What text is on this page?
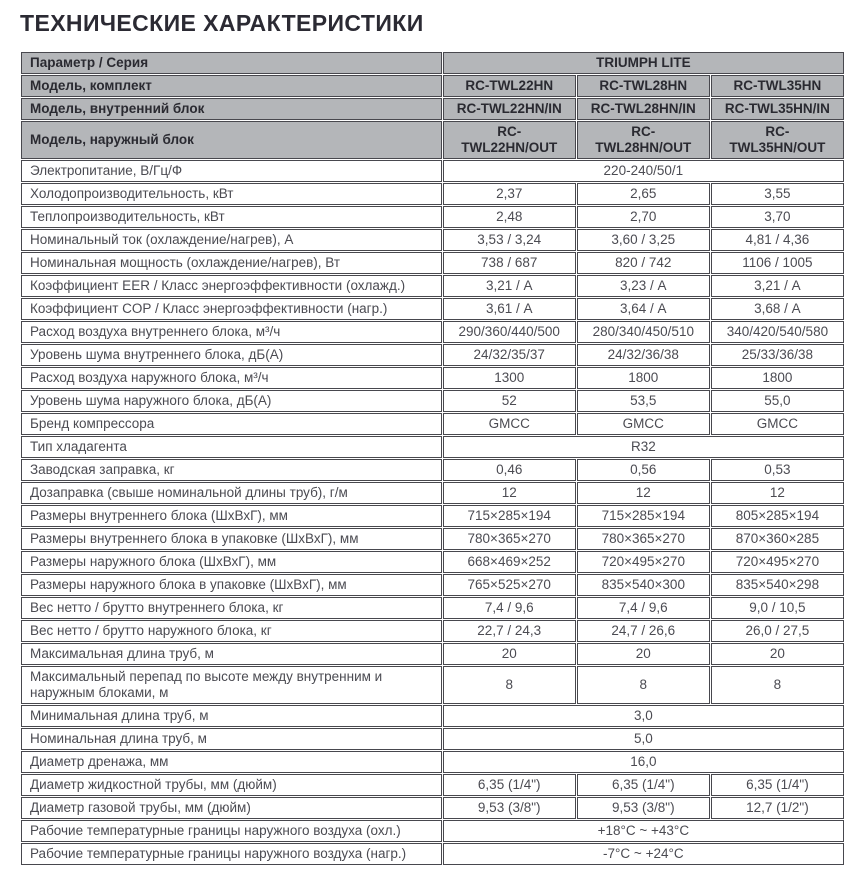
ТЕХНИЧЕСКИЕ ХАРАКТЕРИСТИКИ
Параметр / Серия	TRIUMPH LITE		
Модель, комплект	RC-TWL22HN	RC-TWL28HN	RC-TWL35HN
Модель, внутренний блок	RC-TWL22HN/IN	RC-TWL28HN/IN	RC-TWL35HN/IN
Модель, наружный блок	RC-TWL22HN/OUT	RC-TWL28HN/OUT	RC-TWL35HN/OUT
Электропитание, В/Гц/Ф	220-240/50/1		
Холодопроизводительность, кВт	2,37	2,65	3,55
Теплопроизводительность, кВт	2,48	2,70	3,70
Номинальный ток (охлаждение/нагрев), А	3,53 / 3,24	3,60 / 3,25	4,81 / 4,36
Номинальная мощность (охлаждение/нагрев), Вт	738 / 687	820 / 742	1106 / 1005
Коэффициент EER / Класс энергоэффективности (охлажд.)	3,21 / А	3,23 / А	3,21 / А
Коэффициент COP / Класс энергоэффективности (нагр.)	3,61 / А	3,64 / А	3,68 / А
Расход воздуха внутреннего блока, м³/ч	290/360/440/500	280/340/450/510	340/420/540/580
Уровень шума внутреннего блока, дБ(А)	24/32/35/37	24/32/36/38	25/33/36/38
Расход воздуха наружного блока, м³/ч	1300	1800	1800
Уровень шума наружного блока, дБ(А)	52	53,5	55,0
Бренд компрессора	GMCC	GMCC	GMCC
Тип хладагента	R32		
Заводская заправка, кг	0,46	0,56	0,53
Дозаправка (свыше номинальной длины труб), г/м	12	12	12
Размеры внутреннего блока (ШхВхГ), мм	715×285×194	715×285×194	805×285×194
Размеры внутреннего блока в упаковке (ШхВхГ), мм	780×365×270	780×365×270	870×360×285
Размеры наружного блока (ШхВхГ), мм	668×469×252	720×495×270	720×495×270
Размеры наружного блока в упаковке (ШхВхГ), мм	765×525×270	835×540×300	835×540×298
Вес нетто / брутто внутреннего блока, кг	7,4 / 9,6	7,4 / 9,6	9,0 / 10,5
Вес нетто / брутто наружного блока, кг	22,7 / 24,3	24,7 / 26,6	26,0 / 27,5
Максимальная длина труб, м	20	20	20
Максимальный перепад по высоте между внутренним и наружным блоками, м	8	8	8
Минимальная длина труб, м	3,0		
Номинальная длина труб, м	5,0		
Диаметр дренажа, мм	16,0		
Диаметр жидкостной трубы, мм (дюйм)	6,35 (1/4")	6,35 (1/4")	6,35 (1/4")
Диаметр газовой трубы, мм (дюйм)	9,53 (3/8")	9,53 (3/8")	12,7 (1/2")
Рабочие температурные границы наружного воздуха (охл.)	+18°C ~ +43°C		
Рабочие температурные границы наружного воздуха (нагр.)	-7°C ~ +24°C		
